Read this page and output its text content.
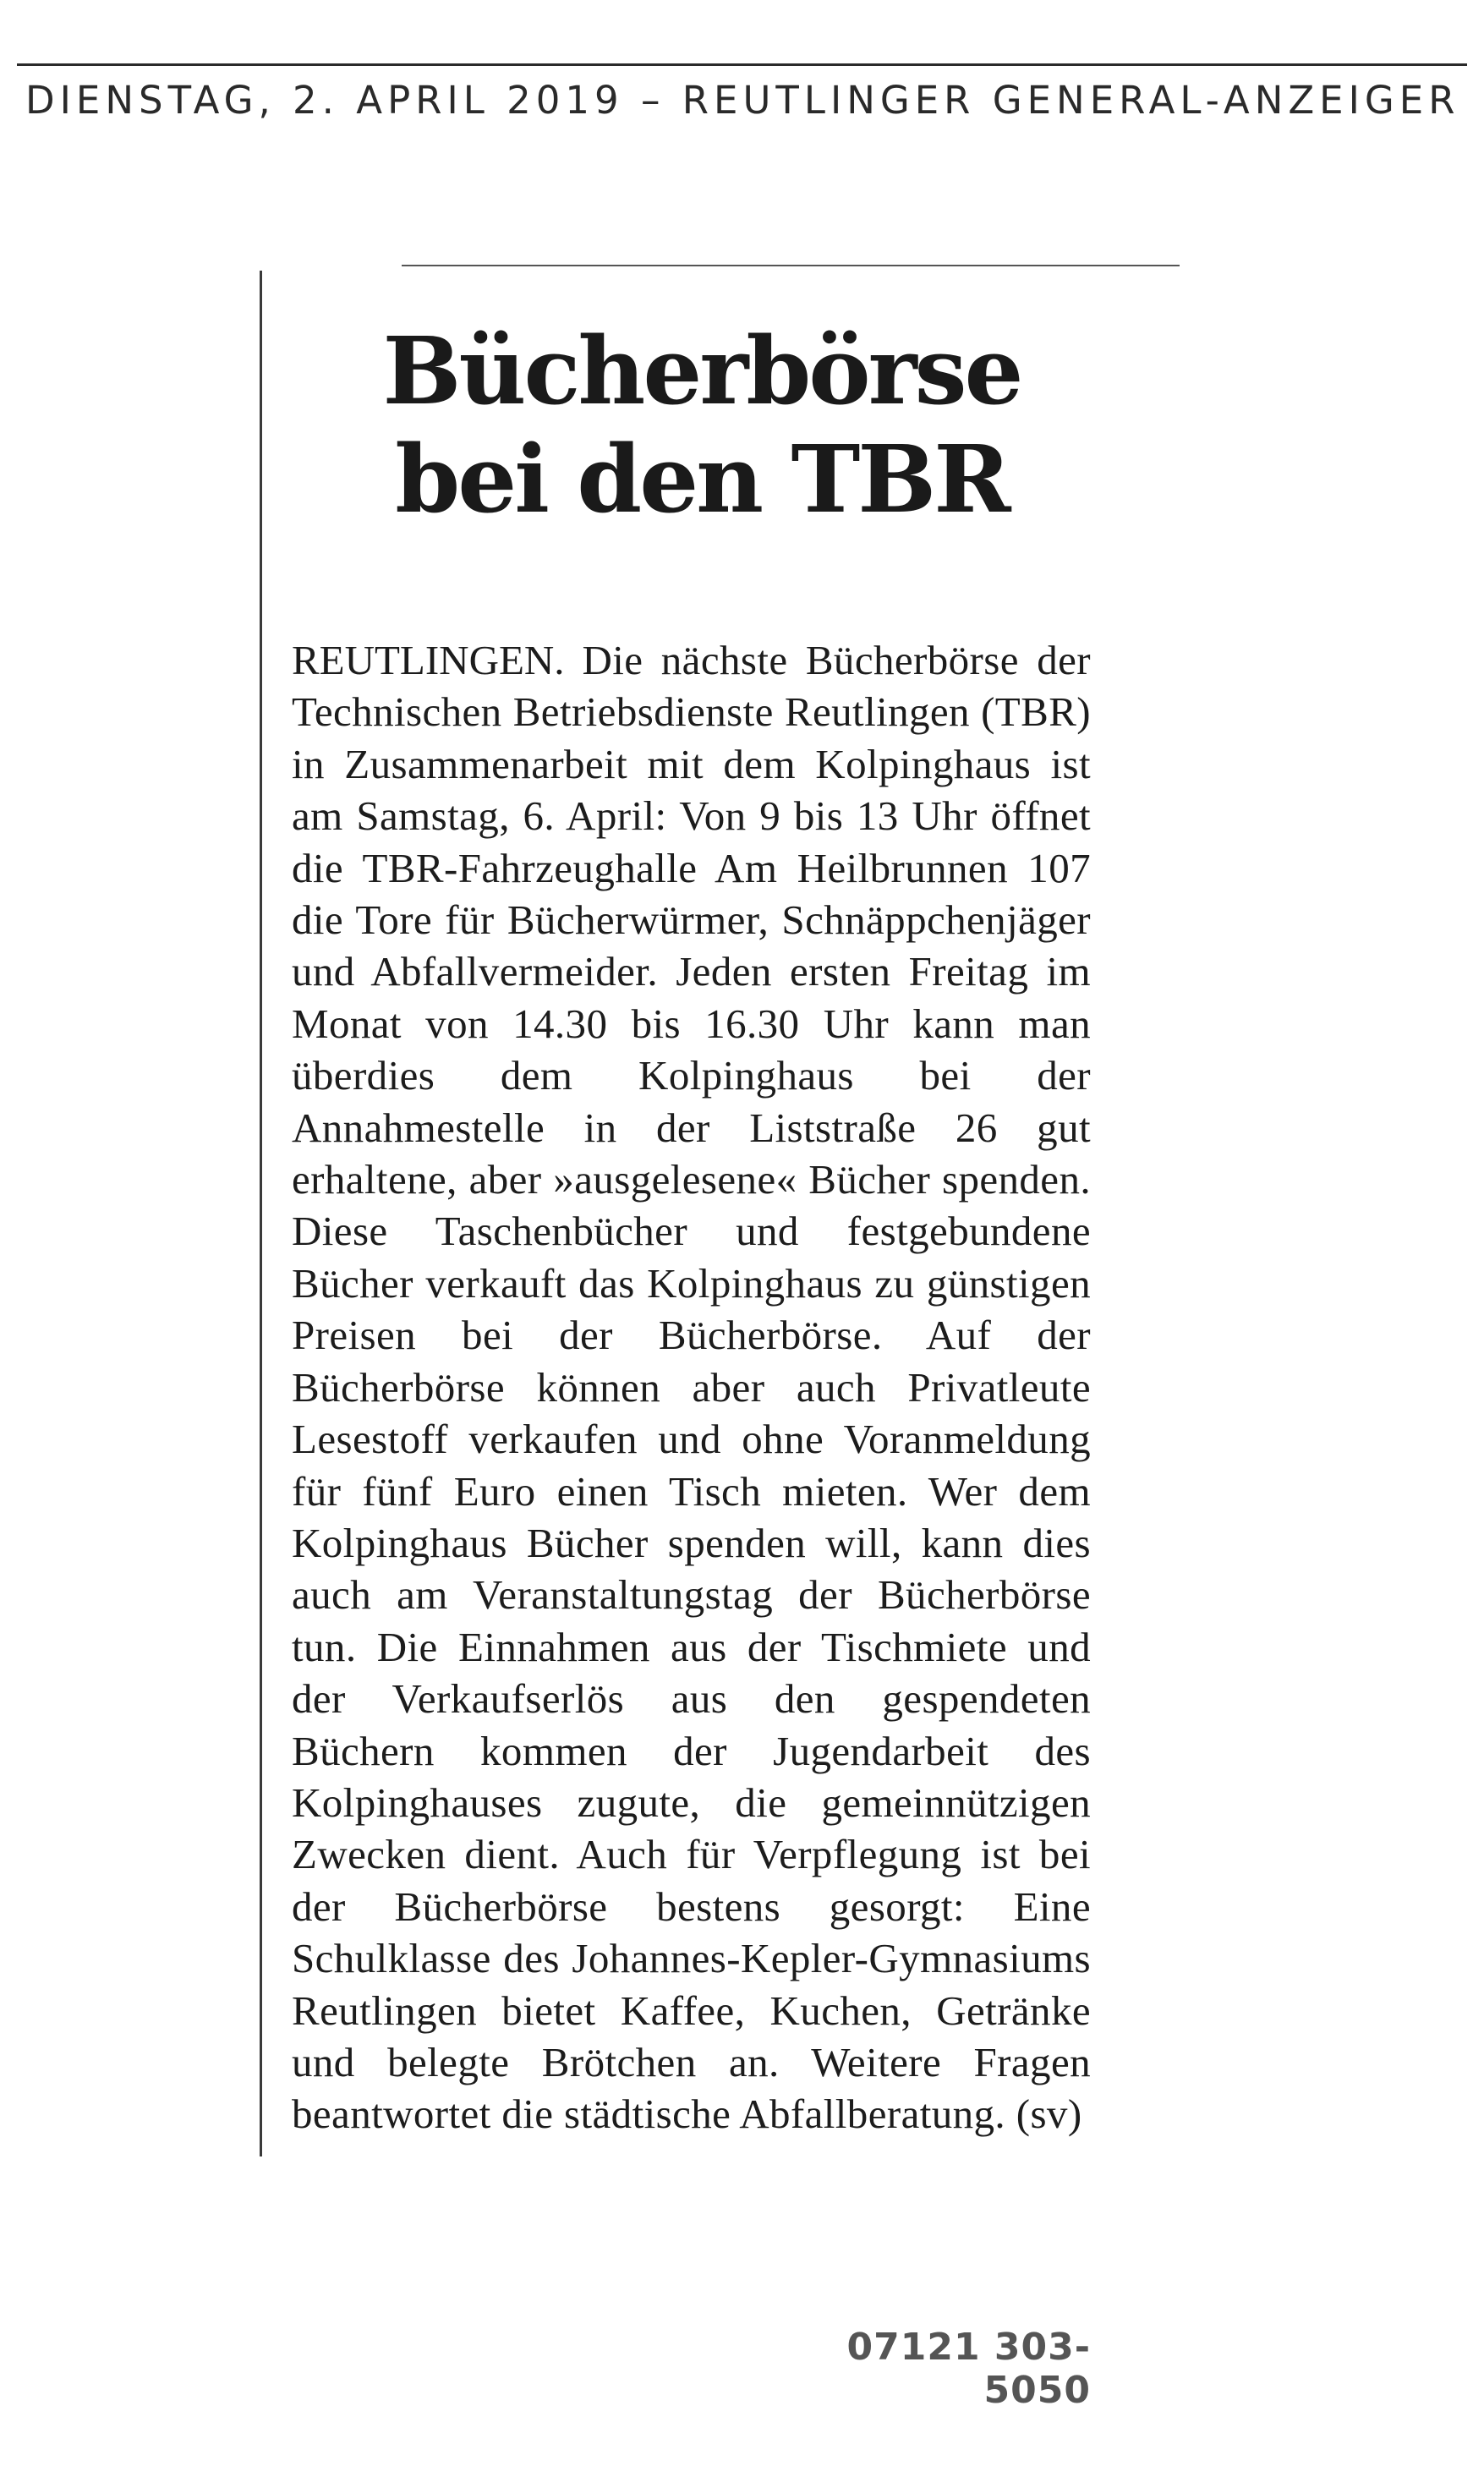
DIENSTAG, 2. APRIL 2019 – REUTLINGER GENERAL-ANZEIGER

Bücherbörse
bei den TBR

REUTLINGEN. Die nächste Bücherbörse der Technischen Betriebsdienste Reutlingen (TBR) in Zusammenarbeit mit dem Kolpinghaus ist am Samstag, 6. April: Von 9 bis 13 Uhr öffnet die TBR-Fahrzeughalle Am Heilbrunnen 107 die Tore für Bücherwürmer, Schnäppchenjäger und Abfallvermeider. Jeden ersten Freitag im Monat von 14.30 bis 16.30 Uhr kann man überdies dem Kolpinghaus bei der Annahmestelle in der Liststraße 26 gut erhaltene, aber »ausgelesene« Bücher spenden. Diese Taschenbücher und festgebundene Bücher verkauft das Kolpinghaus zu günstigen Preisen bei der Bücherbörse. Auf der Bücherbörse können aber auch Privatleute Lesestoff verkaufen und ohne Voranmeldung für fünf Euro einen Tisch mieten. Wer dem Kolpinghaus Bücher spenden will, kann dies auch am Veranstaltungstag der Bücherbörse tun. Die Einnahmen aus der Tischmiete und der Verkaufserlös aus den gespendeten Büchern kommen der Jugendarbeit des Kolpinghauses zugute, die gemeinnützigen Zwecken dient. Auch für Verpflegung ist bei der Bücherbörse bestens gesorgt: Eine Schulklasse des Johannes-Kepler-Gymnasiums Reutlingen bietet Kaffee, Kuchen, Getränke und belegte Brötchen an. Weitere Fragen beantwortet die städtische Abfallberatung. (sv)

07121 303-5050
